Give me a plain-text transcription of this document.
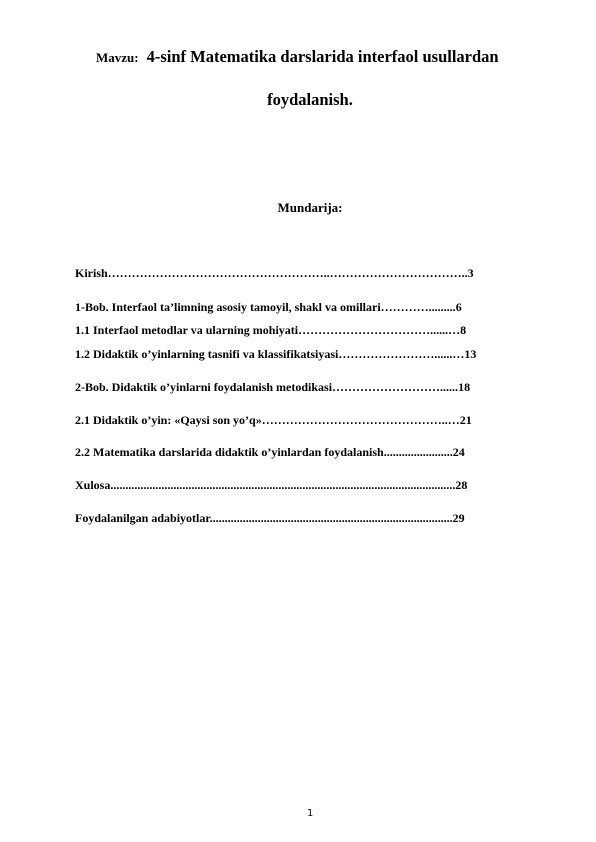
Mavzu: 4-sinf Matematika darslarida interfaol usullardan
foydalanish.
Mundarija:
Kirish………………………………………………..……………………………..3
1-Bob. Interfaol ta’limning asosiy tamoyil, shakl va omillari………….........6
1.1 Interfaol metodlar va ularning mohiyati……………………………......…8
1.2 Didaktik o’yinlarning tasnifi va klassifikatsiyasi……………………......…13
2-Bob. Didaktik o’yinlarni foydalanish metodikasi………………………......18
2.1 Didaktik o’yin: «Qaysi son yo’q»………………………………………..…21
2.2 Matematika darslarida didaktik o’yinlardan foydalanish.......................24
Xulosa...................................................................................................................28
Foydalanilgan adabiyotlar.................................................................................29
1
